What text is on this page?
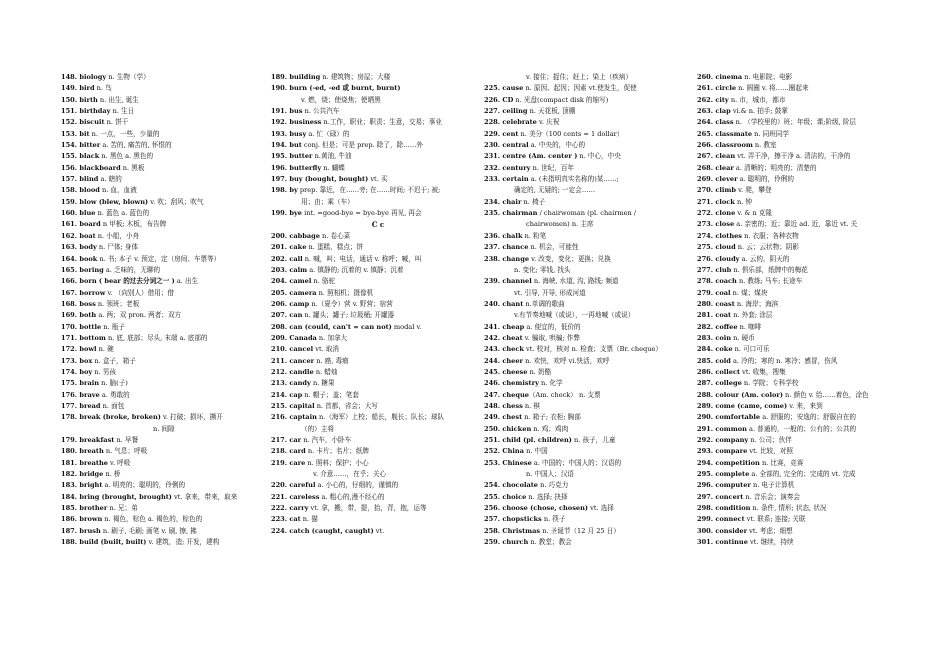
148. biology n. 生物（学）
149. bird n. 鸟
150. birth n. 出生, 诞生
151. birthday n. 生日
152. biscuit n. 饼干
153. bit n. 一点，一些，少量的
154. bitter a. 苦的, 痛苦的, 怀恨的
155. black n. 黑色 a. 黑色的
156. blackboard n. 黑板
157. blind a. 瞎的
158. blood n. 血，血液
159. blow (blew, blown) v. 吹；刮风；吹气
160. blue n. 蓝色 a. 蓝色的
161. board n 甲板; 木板，布告牌
162. boat n. 小船，小舟
163. body n. 尸体; 身体
164. book n. 书; 本子 v. 预定，定（房间、车票等）
165. boring a. 乏味的，无聊的
166. born ( bear 的过去分词之一 ) a. 出生
167. borrow v. （向别人）借用；借
168. boss n. 领班；老板
169. both a. 两；双 pron. 两者；双方
170. bottle n. 瓶子
171. bottom n. 底, 底部；尽头, 末端 a. 底部的
172. bowl n. 碗
173. box n. 盒子，箱子
174. boy n. 男孩
175. brain n. 脑(子)
176. brave a. 勇敢的
177. bread n. 面包
178. break (broke, broken) v. 打破；损坏，撕开
n. 间隙
179. breakfast n. 早餐
180. breath n. 气息；呼吸
181. breathe v. 呼吸
182. bridge n. 桥
183. bright a. 明亮的；聪明的，伶俐的
184. bring (brought, brought) vt. 拿来，带来，取来
185. brother n. 兄；弟
186. brown n. 褐色，棕色 a. 褐色的，棕色的
187. brush n. 刷子, 毛刷; 画笔 v. 刷, 擦, 拂
188. build (built, built) v. 建筑，造; 开发，建构
189. building n. 建筑物；房屋；大楼
190. burn (-ed, -ed 或 burnt, burnt)
v. 燃，烧；使烧焦；使晒黑
191. bus n. 公共汽车
192. business n.工作，职业；职责；生意，交易；事业
193. busy a. 忙（碌）的
194. but conj. 但是；可是 prep. 除了，除……外
195. butter n.黄油, 牛油
196. butterfly n. 蝴蝶
197. buy (bought, bought) vt. 买
198. by prep. 靠近，在……旁; 在……时间; 不迟于; 被;
用；由；乘（车）
199. bye int. =good-bye = bye-bye 再见, 再会
C c
200. cabbage n. 卷心菜
201. cake n. 蛋糕，糕点；饼
202. call n. 喊，叫；电话，通话 v. 称呼；喊，叫
203. calm a. 镇静的; 沉着的 v. 镇静；沉着
204. camel n. 骆驼
205. camera n. 照相机；摄像机
206. camp n.（夏令）营 v. 野营；宿营
207. can n. 罐头；罐子; 垃圾桶; 开罐器
208. can (could, can't = can not) modal v.
209. Canada n. 加拿大
210. cancel vt. 取消
211. cancer n. 癌, 毒瘤
212. candle n. 蜡烛
213. candy n. 糖果
214. cap n. 帽子；盖；笔套
215. capital n. 首都，省会；大写
216. captain n.（海军）上校；船长，舰长；队长；球队
（的）主将
217. car n. 汽车，小卧车
218. card n. 卡片；名片；纸牌
219. care n. 照料；保护；小心
v. 介意……，在乎；关心
220. careful a. 小心的，仔细的，谨慎的
221. careless a. 粗心的,漫不经心的
222. carry vt. 拿，搬，带，提，抬，背，抱，运等
223. cat n. 猫
224. catch (caught, caught) vt.
v. 接住；捉住；赶上；染上（疾病）
225. cause n. 原因、起因；因素 vt.使发生，促使
226. CD n. 光盘(compact disk 的缩写)
227. ceiling n. 天花板, 顶棚
228. celebrate v. 庆祝
229. cent n. 美分（100 cents = 1 dollar）
230. central a. 中央的，中心的
231. centre (Am. center ) n. 中心，中央
232. century n. 世纪，百年
233. certain a. (未指明真实名称的)某……;
确定的, 无疑的; 一定会……
234. chair n. 椅子
235. chairman / chairwoman (pl. chairmen /
chairwomen) n. 主席
236. chalk n. 粉笔
237. chance n. 机会，可能性
238. change v. 改变，变化；更换；兑换
n. 变化; 零钱, 找头
239. channel n. 海峡, 水道, 沟, 路线; 频道
vt. 引导, 开导, 形成河道
240. chant n.单调的歌曲
v.有节奏地喊（或说），一再地喊（或说）
241. cheap a. 便宜的，低价的
242. cheat v. 骗取, 哄骗; 作弊
243. check vt. 校对，核对 n. 检查；支票（Br. cheque）
244. cheer n. 欢快，欢呼 vi.快活，欢呼
245. cheese n. 奶酪
246. chemistry n. 化学
247. cheque（Am. check） n. 支票
248. chess n. 棋
249. chest n. 箱子; 衣柜; 胸部
250. chicken n. 鸡；鸡肉
251. child (pl. children) n. 孩子，儿童
252. China n. 中国
253. Chinese a. 中国的；中国人的；汉语的
n. 中国人；汉语
254. chocolate n. 巧克力
255. choice n. 选择; 抉择
256. choose (chose, chosen) vt. 选择
257. chopsticks n. 筷子
258. Christmas n. 圣诞节（12 月 25 日）
259. church n. 教堂；教会
260. cinema n. 电影院；电影
261. circle n. 圆圈 v. 将……圈起来
262. city n. 市，城市，都市
263. clap vi.& n. 拍手; 鼓掌
264. class n. （学校里的）班；年级；课;阶级, 阶层
265. classmate n. 同班同学
266. classroom n. 教室
267. clean vt. 弄干净，擦干净 a. 清洁的，干净的
268. clear a. 清晰的；明亮的；清楚的
269. clever a. 聪明的，伶俐的
270. climb v. 爬，攀登
271. clock n. 钟
272. clone v. & n 克隆
273. close a. 亲密的；近；靠近 ad. 近，靠近 vt. 关
274. clothes n. 衣服；各种衣物
275. cloud n. 云；云状物；阴影
276. cloudy a. 云的，阴天的
277. club n. 俱乐部，纸牌中的梅花
278. coach n. 教练; 马车; 长途车
279. coal n. 煤；煤块
280. coast n. 海岸；海滨
281. coat n. 外套; 涂层
282. coffee n. 咖啡
283. coin n. 硬币
284. coke n. 可口可乐
285. cold a. 冷的；寒的 n. 寒冷；感冒，伤风
286. collect vt. 收集，搜集
287. college n. 学院；专科学校
288. colour (Am. color) n. 颜色 v. 给……着色，涂色
289. come (came, come) v. 来，来到
290. comfortable a. 舒服的；安逸的；舒服自在的
291. common a. 普通的，一般的；公有的；公共的
292. company n. 公司；伙伴
293. compare vt. 比较，对照
294. competition n. 比赛，竞赛
295. complete a. 全部的, 完全的；完成的 vt. 完成
296. computer n. 电子计算机
297. concert n. 音乐会；演奏会
298. condition n. 条件, 情形; 状态, 状况
299. connect vt. 联系; 连接; 关联
300. consider vt. 考虑；细想
301. continue vt. 继续，持续
